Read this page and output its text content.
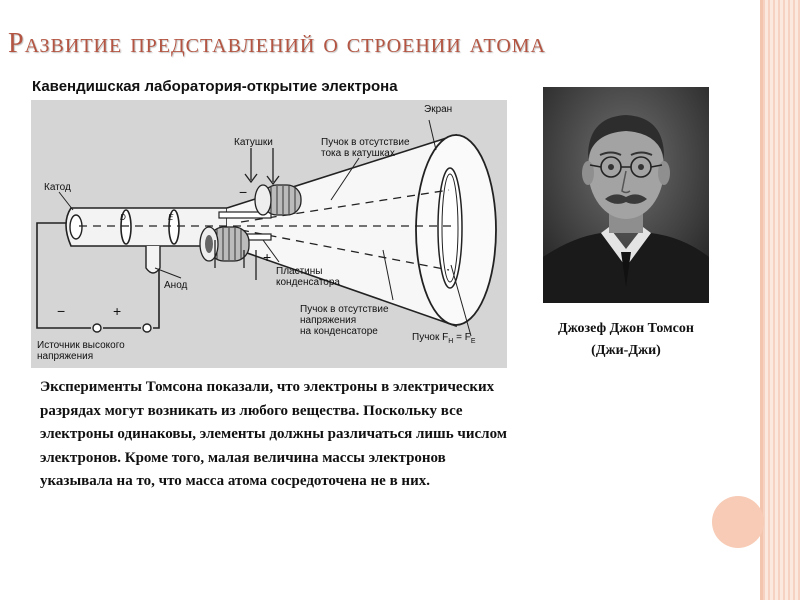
Развитие представлений о строении атома
Кавендишская лаборатория-открытие электрона
Экран
Катушки	Пучок в отсутствие
тока в катушках
Катод
D	E
−
+
Пластины
конденсатора
Анод
Пучок в отсутствие
напряжения
на конденсаторе
Пучок $F_H = F_E$
−	+
Источник высокого
напряжения
Джозеф Джон Томсон
(Джи-Джи)
Эксперименты Томсона показали, что электроны в электрических
разрядах могут возникать из любого вещества. Поскольку все
электроны одинаковы, элементы должны различаться лишь числом
электронов. Кроме того, малая величина массы электронов
указывала на то, что масса атома сосредоточена не в них.
